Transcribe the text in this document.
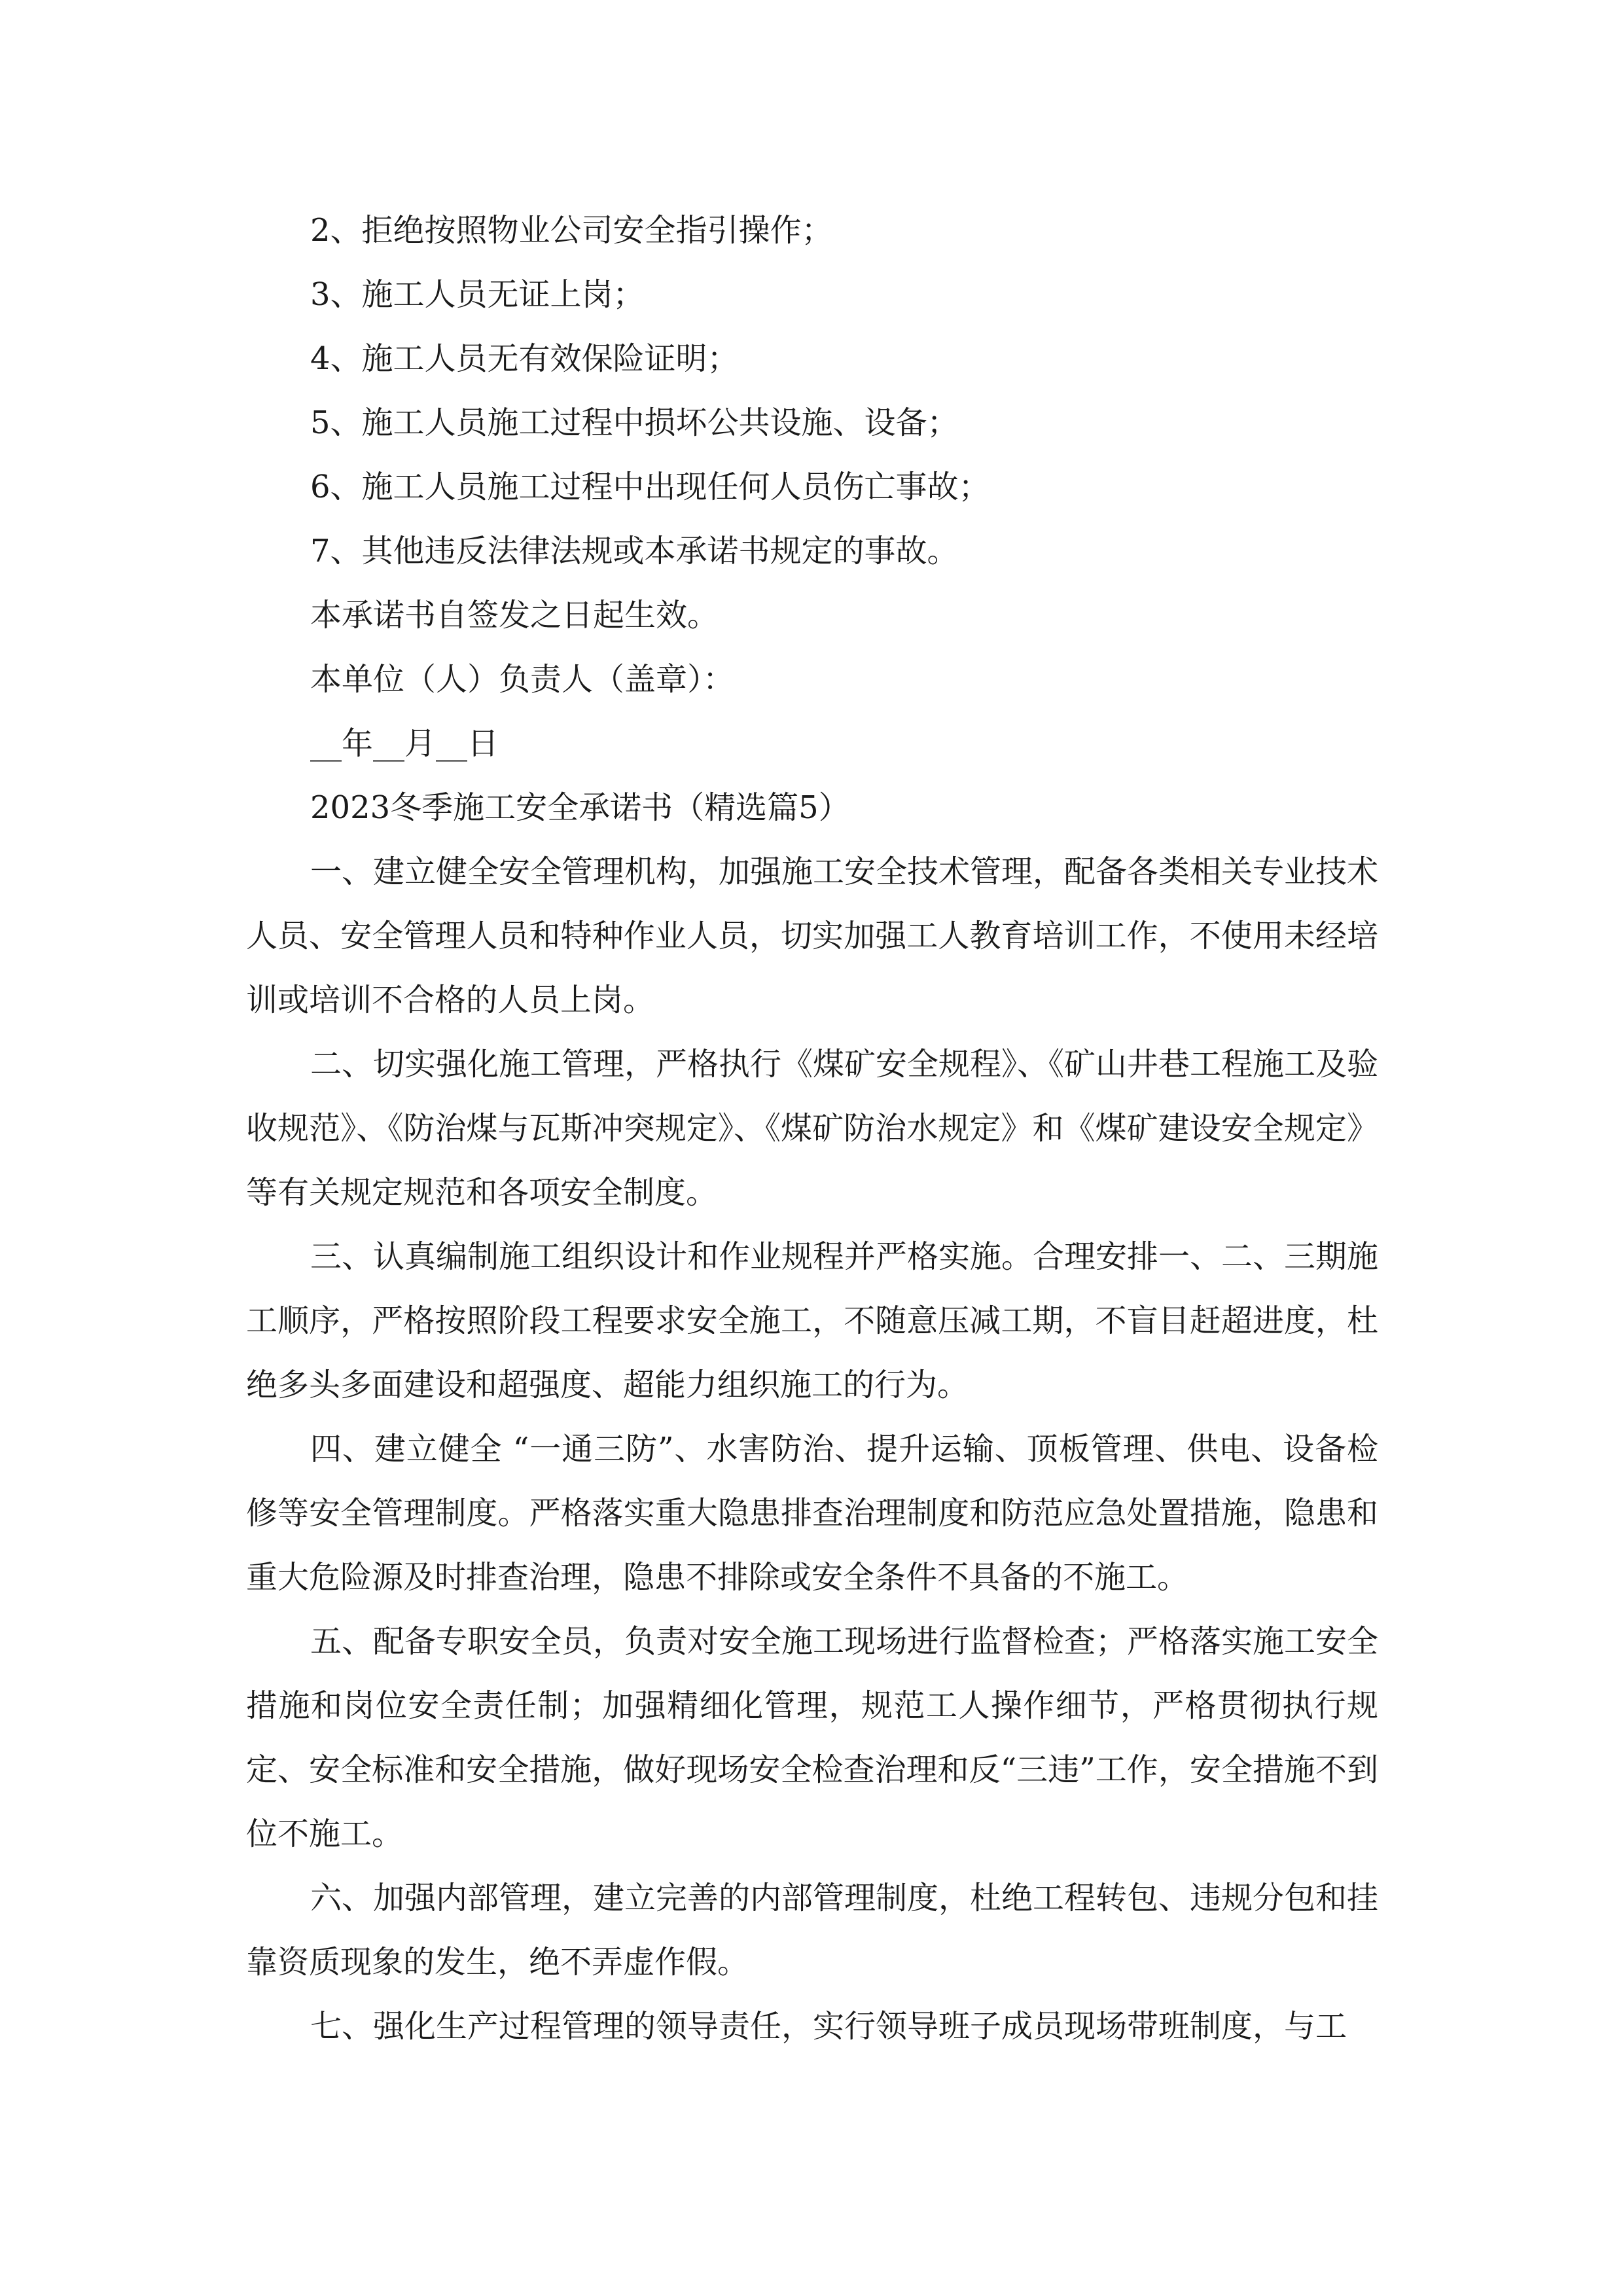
2、拒绝按照物业公司安全指引操作；
3、施工人员无证上岗；
4、施工人员无有效保险证明；
5、施工人员施工过程中损坏公共设施、设备；
6、施工人员施工过程中出现任何人员伤亡事故；
7、其他违反法律法规或本承诺书规定的事故。
本承诺书自签发之日起生效。
本单位（人）负责人（盖章）：
__年__月__日
2023冬季施工安全承诺书（精选篇5）

一、建立健全安全管理机构，加强施工安全技术管理，配备各类相关专业技术人员、安全管理人员和特种作业人员，切实加强工人教育培训工作，不使用未经培训或培训不合格的人员上岗。

二、切实强化施工管理，严格执行《煤矿安全规程》、《矿山井巷工程施工及验收规范》、《防治煤与瓦斯冲突规定》、《煤矿防治水规定》和《煤矿建设安全规定》等有关规定规范和各项安全制度。

三、认真编制施工组织设计和作业规程并严格实施。合理安排一、二、三期施工顺序，严格按照阶段工程要求安全施工，不随意压减工期，不盲目赶超进度，杜绝多头多面建设和超强度、超能力组织施工的行为。

四、建立健全 “一通三防”、水害防治、提升运输、顶板管理、供电、设备检修等安全管理制度。严格落实重大隐患排查治理制度和防范应急处置措施，隐患和重大危险源及时排查治理，隐患不排除或安全条件不具备的不施工。

五、配备专职安全员，负责对安全施工现场进行监督检查；严格落实施工安全措施和岗位安全责任制；加强精细化管理，规范工人操作细节，严格贯彻执行规定、安全标准和安全措施，做好现场安全检查治理和反“三违”工作，安全措施不到位不施工。

六、加强内部管理，建立完善的内部管理制度，杜绝工程转包、违规分包和挂靠资质现象的发生，绝不弄虚作假。

七、强化生产过程管理的领导责任，实行领导班子成员现场带班制度，与工
